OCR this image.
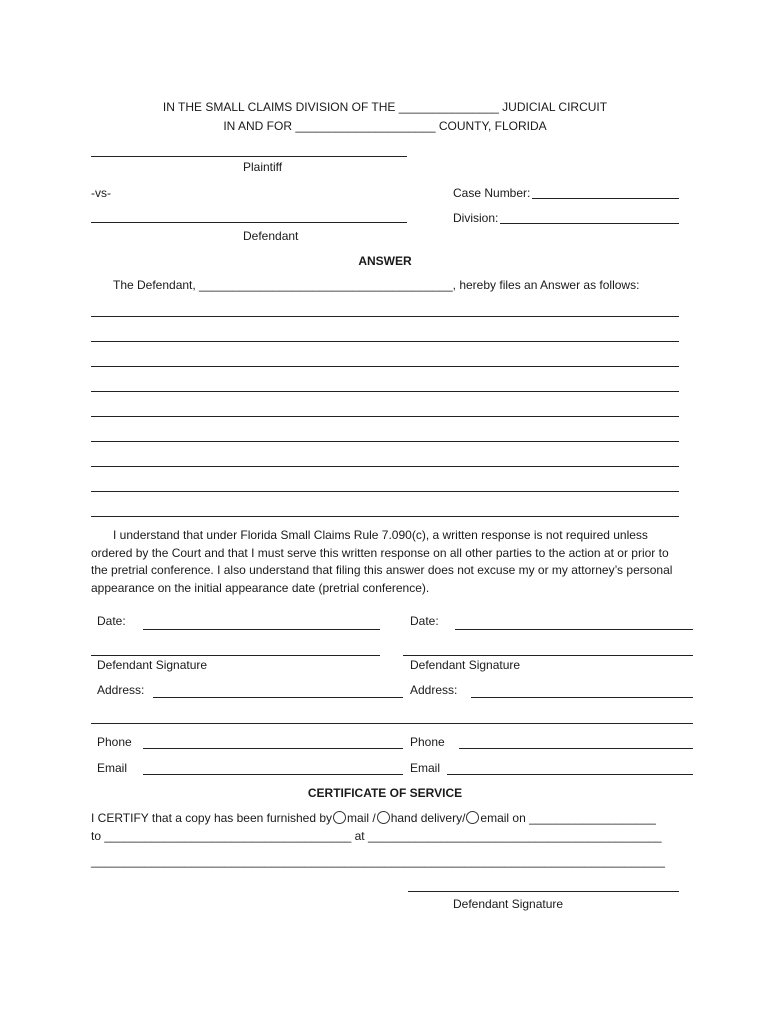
IN THE SMALL CLAIMS DIVISION OF THE _______________ JUDICIAL CIRCUIT
IN AND FOR _____________________ COUNTY, FLORIDA
Plaintiff
-vs-	Case Number:
Division:
Defendant
ANSWER
The Defendant, ______________________________________, hereby files an Answer as follows:
I understand that under Florida Small Claims Rule 7.090(c), a written response is not required unless ordered by the Court and that I must serve this written response on all other parties to the action at or prior to the pretrial conference. I also understand that filing this answer does not excuse my or my attorney’s personal appearance on the initial appearance date (pretrial conference).
Date:
Defendant Signature
Address:
Phone
Email
Date:
Defendant Signature
Address:
Phone
Email
CERTIFICATE OF SERVICE
I CERTIFY that a copy has been furnished by mail / hand delivery/ email on ___________________
to _____________________________________ at ____________________________________________
______________________________________________________________________________________
Defendant Signature
